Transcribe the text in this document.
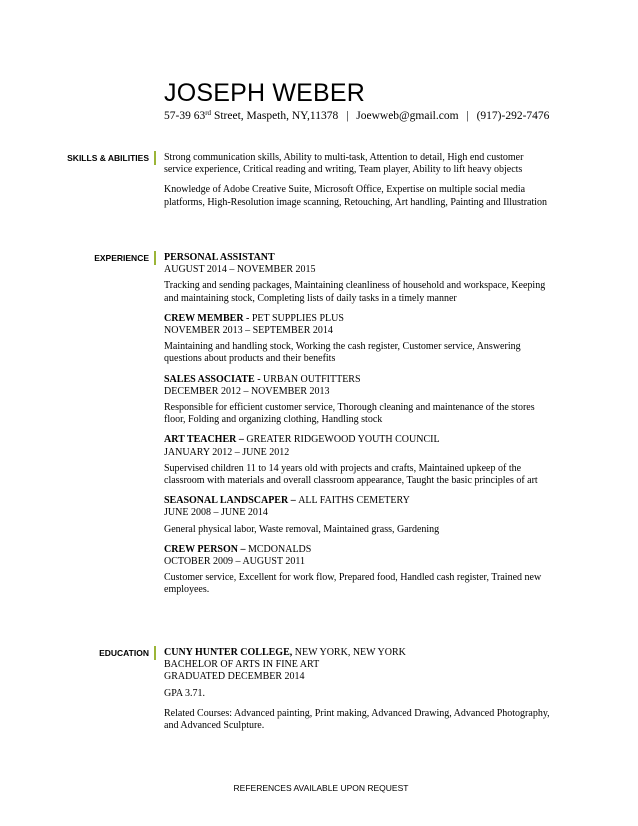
JOSEPH WEBER
57-39 63rd Street, Maspeth, NY,11378 | Joewweb@gmail.com | (917)-292-7476
SKILLS & ABILITIES Strong communication skills, Ability to multi-task, Attention to detail, High end customer service experience, Critical reading and writing, Team player, Ability to lift heavy objects

Knowledge of Adobe Creative Suite, Microsoft Office, Expertise on multiple social media platforms, High-Resolution image scanning, Retouching, Art handling, Painting and Illustration

EXPERIENCE PERSONAL ASSISTANT

AUGUST 2014 – NOVEMBER 2015

Tracking and sending packages, Maintaining cleanliness of household and workspace, Keeping and maintaining stock, Completing lists of daily tasks in a timely manner

CREW MEMBER - PET SUPPLIES PLUS

NOVEMBER 2013 – SEPTEMBER 2014

Maintaining and handling stock, Working the cash register, Customer service, Answering questions about products and their benefits

SALES ASSOCIATE - URBAN OUTFITTERS

DECEMBER 2012 – NOVEMBER 2013

Responsible for efficient customer service, Thorough cleaning and maintenance of the stores floor, Folding and organizing clothing, Handling stock

ART TEACHER – GREATER RIDGEWOOD YOUTH COUNCIL

JANUARY 2012 – JUNE 2012

Supervised children 11 to 14 years old with projects and crafts, Maintained upkeep of the classroom with materials and overall classroom appearance, Taught the basic principles of art

SEASONAL LANDSCAPER – ALL FAITHS CEMETERY

JUNE 2008 – JUNE 2014

General physical labor, Waste removal, Maintained grass, Gardening

CREW PERSON – MCDONALDS

OCTOBER 2009 – AUGUST 2011

Customer service, Excellent for work flow, Prepared food, Handled cash register, Trained new employees.

EDUCATION CUNY HUNTER COLLEGE, NEW YORK, NEW YORK

BACHELOR OF ARTS IN FINE ART

GRADUATED DECEMBER 2014

GPA 3.71.

Related Courses: Advanced painting, Print making, Advanced Drawing, Advanced Photography, and Advanced Sculpture.

REFERENCES AVAILABLE UPON REQUEST
